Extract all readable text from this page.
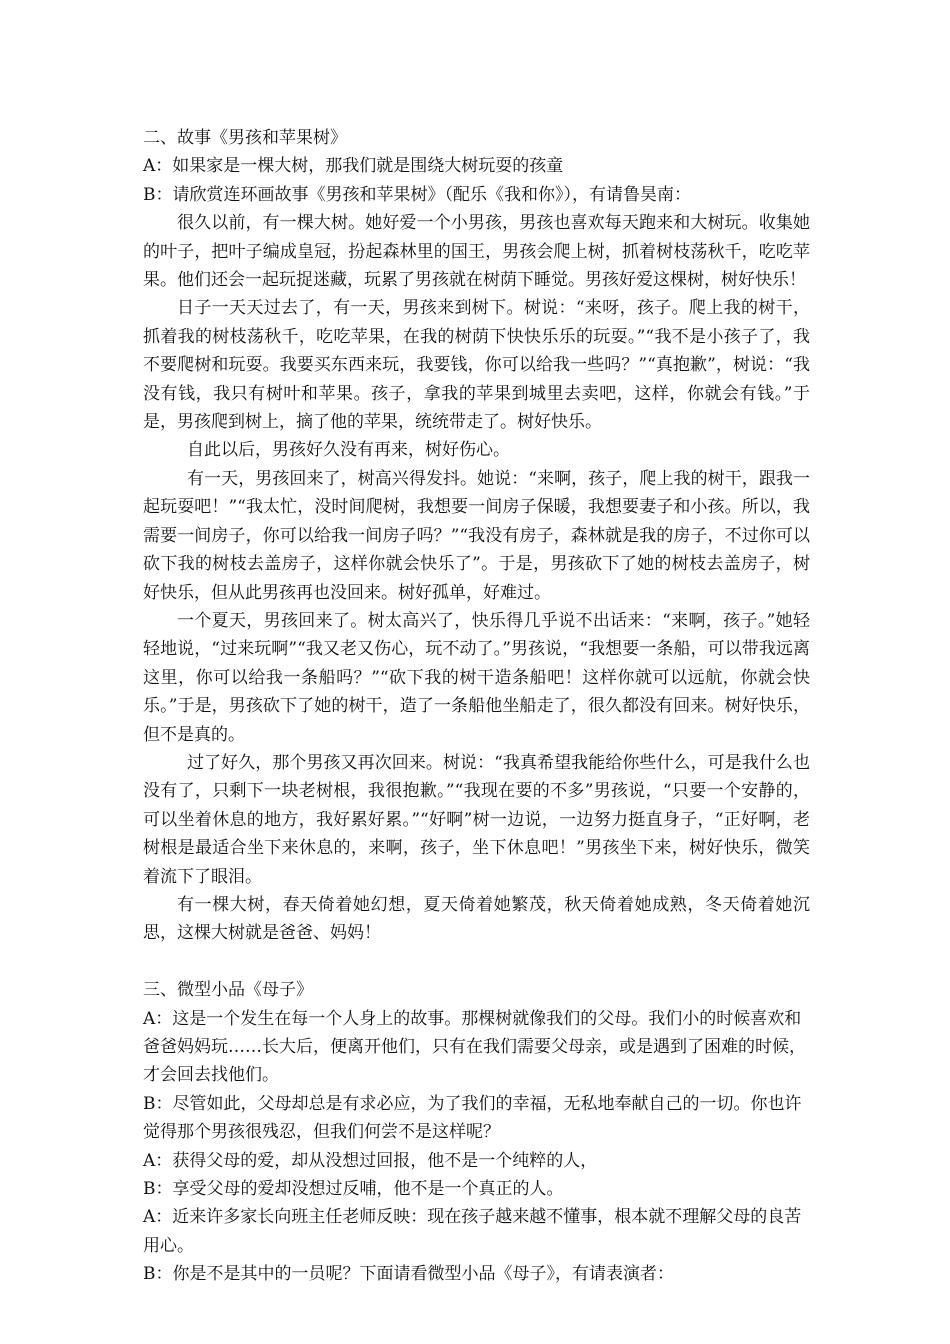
二、故事《男孩和苹果树》

A：如果家是一棵大树，那我们就是围绕大树玩耍的孩童

B：请欣赏连环画故事《男孩和苹果树》（配乐《我和你》），有请鲁昊南：

很久以前，有一棵大树。她好爱一个小男孩，男孩也喜欢每天跑来和大树玩。收集她的叶子，把叶子编成皇冠，扮起森林里的国王，男孩会爬上树，抓着树枝荡秋千，吃吃苹果。他们还会一起玩捉迷藏，玩累了男孩就在树荫下睡觉。男孩好爱这棵树，树好快乐！

日子一天天过去了，有一天，男孩来到树下。树说：“来呀，孩子。爬上我的树干，抓着我的树枝荡秋千，吃吃苹果，在我的树荫下快快乐乐的玩耍。”“我不是小孩子了，我不要爬树和玩耍。我要买东西来玩，我要钱，你可以给我一些吗？”“真抱歉”，树说：“我没有钱，我只有树叶和苹果。孩子，拿我的苹果到城里去卖吧，这样，你就会有钱。”于是，男孩爬到树上，摘了他的苹果，统统带走了。树好快乐。

自此以后，男孩好久没有再来，树好伤心。

有一天，男孩回来了，树高兴得发抖。她说：“来啊，孩子，爬上我的树干，跟我一起玩耍吧！”“我太忙，没时间爬树，我想要一间房子保暖，我想要妻子和小孩。所以，我需要一间房子，你可以给我一间房子吗？”“我没有房子，森林就是我的房子，不过你可以砍下我的树枝去盖房子，这样你就会快乐了”。于是，男孩砍下了她的树枝去盖房子，树好快乐，但从此男孩再也没回来。树好孤单，好难过。

一个夏天，男孩回来了。树太高兴了，快乐得几乎说不出话来：“来啊，孩子。”她轻轻地说，“过来玩啊”“我又老又伤心，玩不动了。”男孩说，“我想要一条船，可以带我远离这里，你可以给我一条船吗？”“砍下我的树干造条船吧！这样你就可以远航，你就会快乐。”于是，男孩砍下了她的树干，造了一条船他坐船走了，很久都没有回来。树好快乐，但不是真的。

过了好久，那个男孩又再次回来。树说：“我真希望我能给你些什么，可是我什么也没有了，只剩下一块老树根，我很抱歉。”“我现在要的不多”男孩说，“只要一个安静的，可以坐着休息的地方，我好累好累。”“好啊”树一边说，一边努力挺直身子，“正好啊，老树根是最适合坐下来休息的，来啊，孩子，坐下休息吧！”男孩坐下来，树好快乐，微笑着流下了眼泪。

有一棵大树，春天倚着她幻想，夏天倚着她繁茂，秋天倚着她成熟，冬天倚着她沉思，这棵大树就是爸爸、妈妈！

三、微型小品《母子》

A：这是一个发生在每一个人身上的故事。那棵树就像我们的父母。我们小的时候喜欢和爸爸妈妈玩……长大后，便离开他们，只有在我们需要父母亲，或是遇到了困难的时候，才会回去找他们。

B：尽管如此，父母却总是有求必应，为了我们的幸福，无私地奉献自己的一切。你也许觉得那个男孩很残忍，但我们何尝不是这样呢？

A：获得父母的爱，却从没想过回报，他不是一个纯粹的人，

B：享受父母的爱却没想过反哺，他不是一个真正的人。

A：近来许多家长向班主任老师反映：现在孩子越来越不懂事，根本就不理解父母的良苦用心。

B：你是不是其中的一员呢？下面请看微型小品《母子》，有请表演者：
